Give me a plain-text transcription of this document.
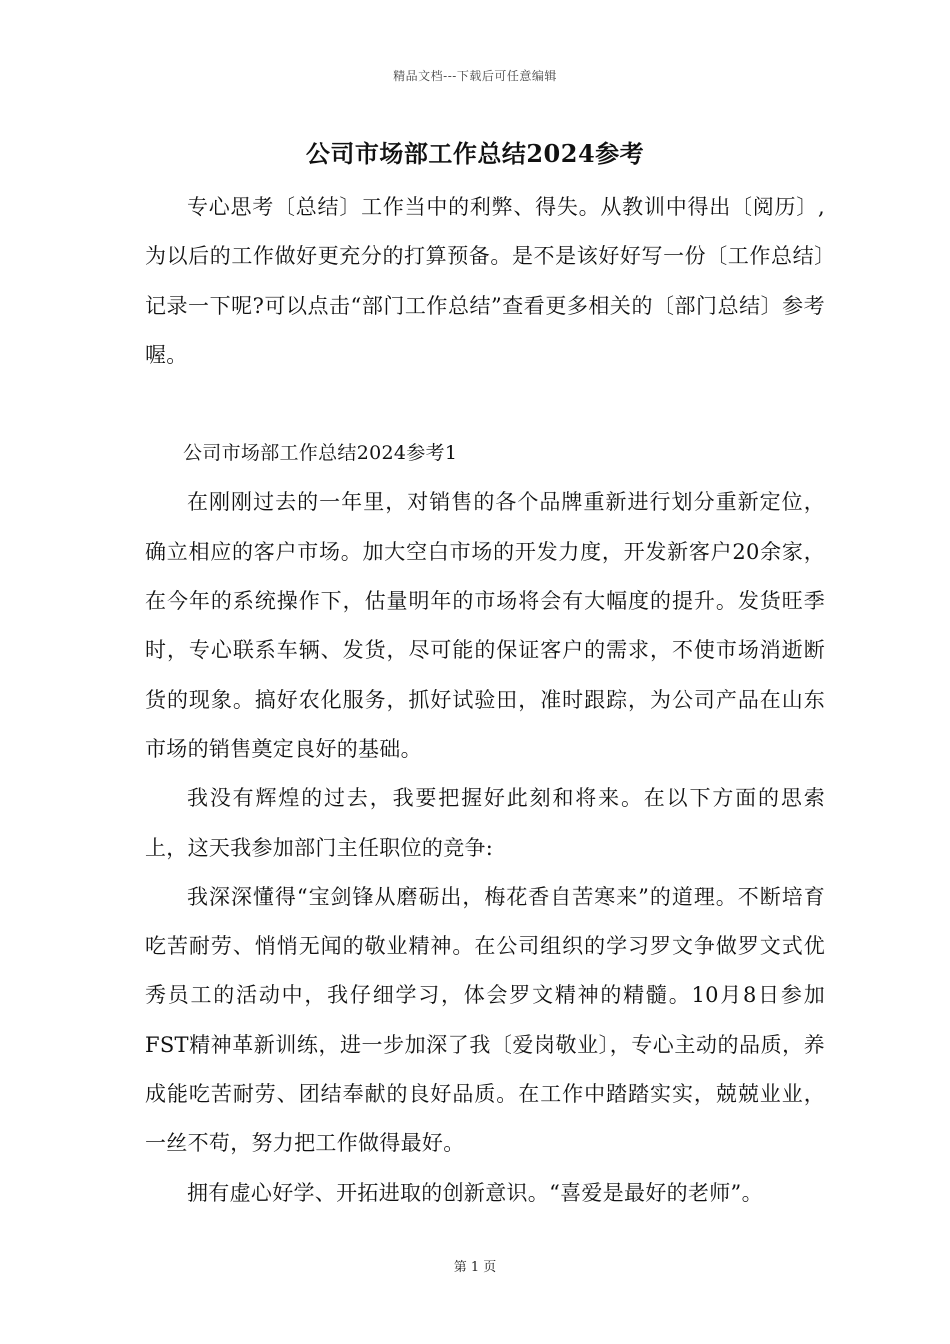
精品文档---下载后可任意编辑
公司市场部工作总结2024参考

专心思考〔总结〕工作当中的利弊、得失。从教训中得出〔阅历〕,为以后的工作做好更充分的打算预备。是不是该好好写一份〔工作总结〕记录一下呢?可以点击“部门工作总结”查看更多相关的〔部门总结〕参考喔。

公司市场部工作总结2024参考1

在刚刚过去的一年里，对销售的各个品牌重新进行划分重新定位，确立相应的客户市场。加大空白市场的开发力度，开发新客户20余家，在今年的系统操作下，估量明年的市场将会有大幅度的提升。发货旺季时，专心联系车辆、发货，尽可能的保证客户的需求，不使市场消逝断货的现象。搞好农化服务，抓好试验田，准时跟踪，为公司产品在山东市场的销售奠定良好的基础。

我没有辉煌的过去，我要把握好此刻和将来。在以下方面的思索上，这天我参加部门主任职位的竞争:

我深深懂得“宝剑锋从磨砺出，梅花香自苦寒来”的道理。不断培育吃苦耐劳、悄悄无闻的敬业精神。在公司组织的学习罗文争做罗文式优秀员工的活动中，我仔细学习，体会罗文精神的精髓。10月8日参加FST精神革新训练，进一步加深了我〔爱岗敬业〕，专心主动的品质，养成能吃苦耐劳、团结奉献的良好品质。在工作中踏踏实实，兢兢业业，一丝不苟，努力把工作做得最好。

拥有虚心好学、开拓进取的创新意识。“喜爱是最好的老师”。

第 1 页
